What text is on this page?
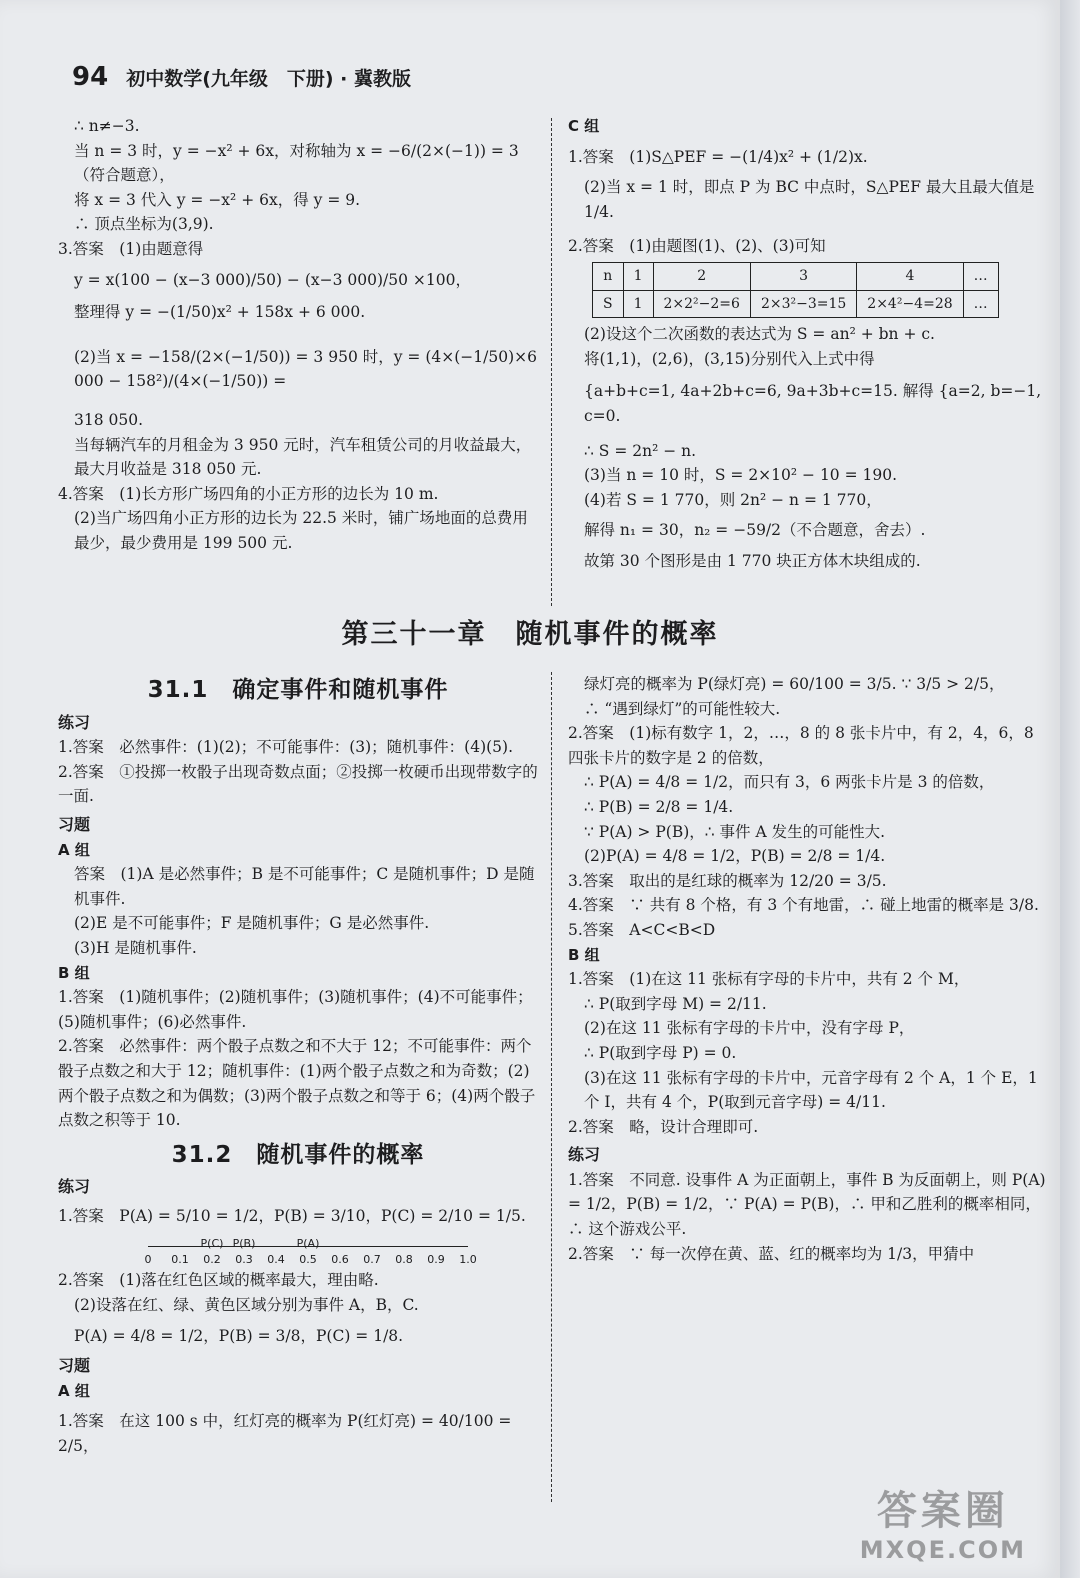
94 初中数学(九年级　下册) · 冀教版
∴ n≠−3.
当 n = 3 时，y = −x² + 6x，对称轴为 x = −6/(2×(−1)) = 3（符合题意），
将 x = 3 代入 y = −x² + 6x，得 y = 9.
∴ 顶点坐标为(3,9).
3.答案　(1)由题意得
y = x(100 − (x−3 000)/50) − (x−3 000)/50 ×100，
整理得 y = −(1/50)x² + 158x + 6 000.
(2)当 x = −158/(2×(−1/50)) = 3 950 时，y = (4×(−1/50)×6 000 − 158²)/(4×(−1/50)) =
318 050.
当每辆汽车的月租金为 3 950 元时，汽车租赁公司的月收益最大，最大月收益是 318 050 元.
4.答案　(1)长方形广场四角的小正方形的边长为 10 m.
(2)当广场四角小正方形的边长为 22.5 米时，铺广场地面的总费用最少，最少费用是 199 500 元.
C 组
1.答案　(1)S△PEF = −(1/4)x² + (1/2)x.
(2)当 x = 1 时，即点 P 为 BC 中点时，S△PEF 最大且最大值是 1/4.
2.答案　(1)由题图(1)、(2)、(3)可知
n	1	2	3	4	…
S	1	2×2²−2=6	2×3²−3=15	2×4²−4=28	…
(2)设这个二次函数的表达式为 S = an² + bn + c.
将(1,1)，(2,6)，(3,15)分别代入上式中得
{a+b+c=1, 4a+2b+c=6, 9a+3b+c=15. 解得 {a=2, b=−1, c=0.
∴ S = 2n² − n.
(3)当 n = 10 时，S = 2×10² − 10 = 190.
(4)若 S = 1 770，则 2n² − n = 1 770，
解得 n₁ = 30，n₂ = −59/2（不合题意，舍去）.
故第 30 个图形是由 1 770 块正方体木块组成的.
第三十一章　随机事件的概率
31.1　确定事件和随机事件
练习
1.答案　必然事件：(1)(2)；不可能事件：(3)；随机事件：(4)(5).
2.答案　①投掷一枚骰子出现奇数点面；②投掷一枚硬币出现带数字的一面.
习题
A 组
答案　(1)A 是必然事件；B 是不可能事件；C 是随机事件；D 是随机事件.
(2)E 是不可能事件；F 是随机事件；G 是必然事件.
(3)H 是随机事件.
B 组
1.答案　(1)随机事件；(2)随机事件；(3)随机事件；(4)不可能事件；(5)随机事件；(6)必然事件.
2.答案　必然事件：两个骰子点数之和不大于 12；不可能事件：两个骰子点数之和大于 12；随机事件：(1)两个骰子点数之和为奇数；(2)两个骰子点数之和为偶数；(3)两个骰子点数之和等于 6；(4)两个骰子点数之积等于 10.
31.2　随机事件的概率
练习
1.答案　P(A) = 5/10 = 1/2，P(B) = 3/10，P(C) = 2/10 = 1/5.
0 0.1 0.2 0.3 0.4 0.5 0.6 0.7 0.8 0.9 1.0
P(C) P(B)	P(A)
2.答案　(1)落在红色区域的概率最大，理由略.
(2)设落在红、绿、黄色区域分别为事件 A，B，C.
P(A) = 4/8 = 1/2，P(B) = 3/8，P(C) = 1/8.
习题
A 组
1.答案　在这 100 s 中，红灯亮的概率为 P(红灯亮) = 40/100 = 2/5，
绿灯亮的概率为 P(绿灯亮) = 60/100 = 3/5. ∵ 3/5 > 2/5，
∴ “遇到绿灯”的可能性较大.
2.答案　(1)标有数字 1，2，…，8 的 8 张卡片中，有 2，4，6，8 四张卡片的数字是 2 的倍数，
∴ P(A) = 4/8 = 1/2，而只有 3，6 两张卡片是 3 的倍数，
∴ P(B) = 2/8 = 1/4.
∵ P(A) > P(B)，∴ 事件 A 发生的可能性大.
(2)P(A) = 4/8 = 1/2，P(B) = 2/8 = 1/4.
3.答案　取出的是红球的概率为 12/20 = 3/5.
4.答案　∵ 共有 8 个格，有 3 个有地雷，∴ 碰上地雷的概率是 3/8.
5.答案　A<C<B<D
B 组
1.答案　(1)在这 11 张标有字母的卡片中，共有 2 个 M，
∴ P(取到字母 M) = 2/11.
(2)在这 11 张标有字母的卡片中，没有字母 P，
∴ P(取到字母 P) = 0.
(3)在这 11 张标有字母的卡片中，元音字母有 2 个 A，1 个 E，1 个 I，共有 4 个，P(取到元音字母) = 4/11.
2.答案　略，设计合理即可.
练习
1.答案　不同意. 设事件 A 为正面朝上，事件 B 为反面朝上，则 P(A) = 1/2，P(B) = 1/2，∵ P(A) = P(B)，∴ 甲和乙胜利的概率相同，∴ 这个游戏公平.
2.答案　∵ 每一次停在黄、蓝、红的概率均为 1/3，甲猜中
答案圈
MXQE.COM
